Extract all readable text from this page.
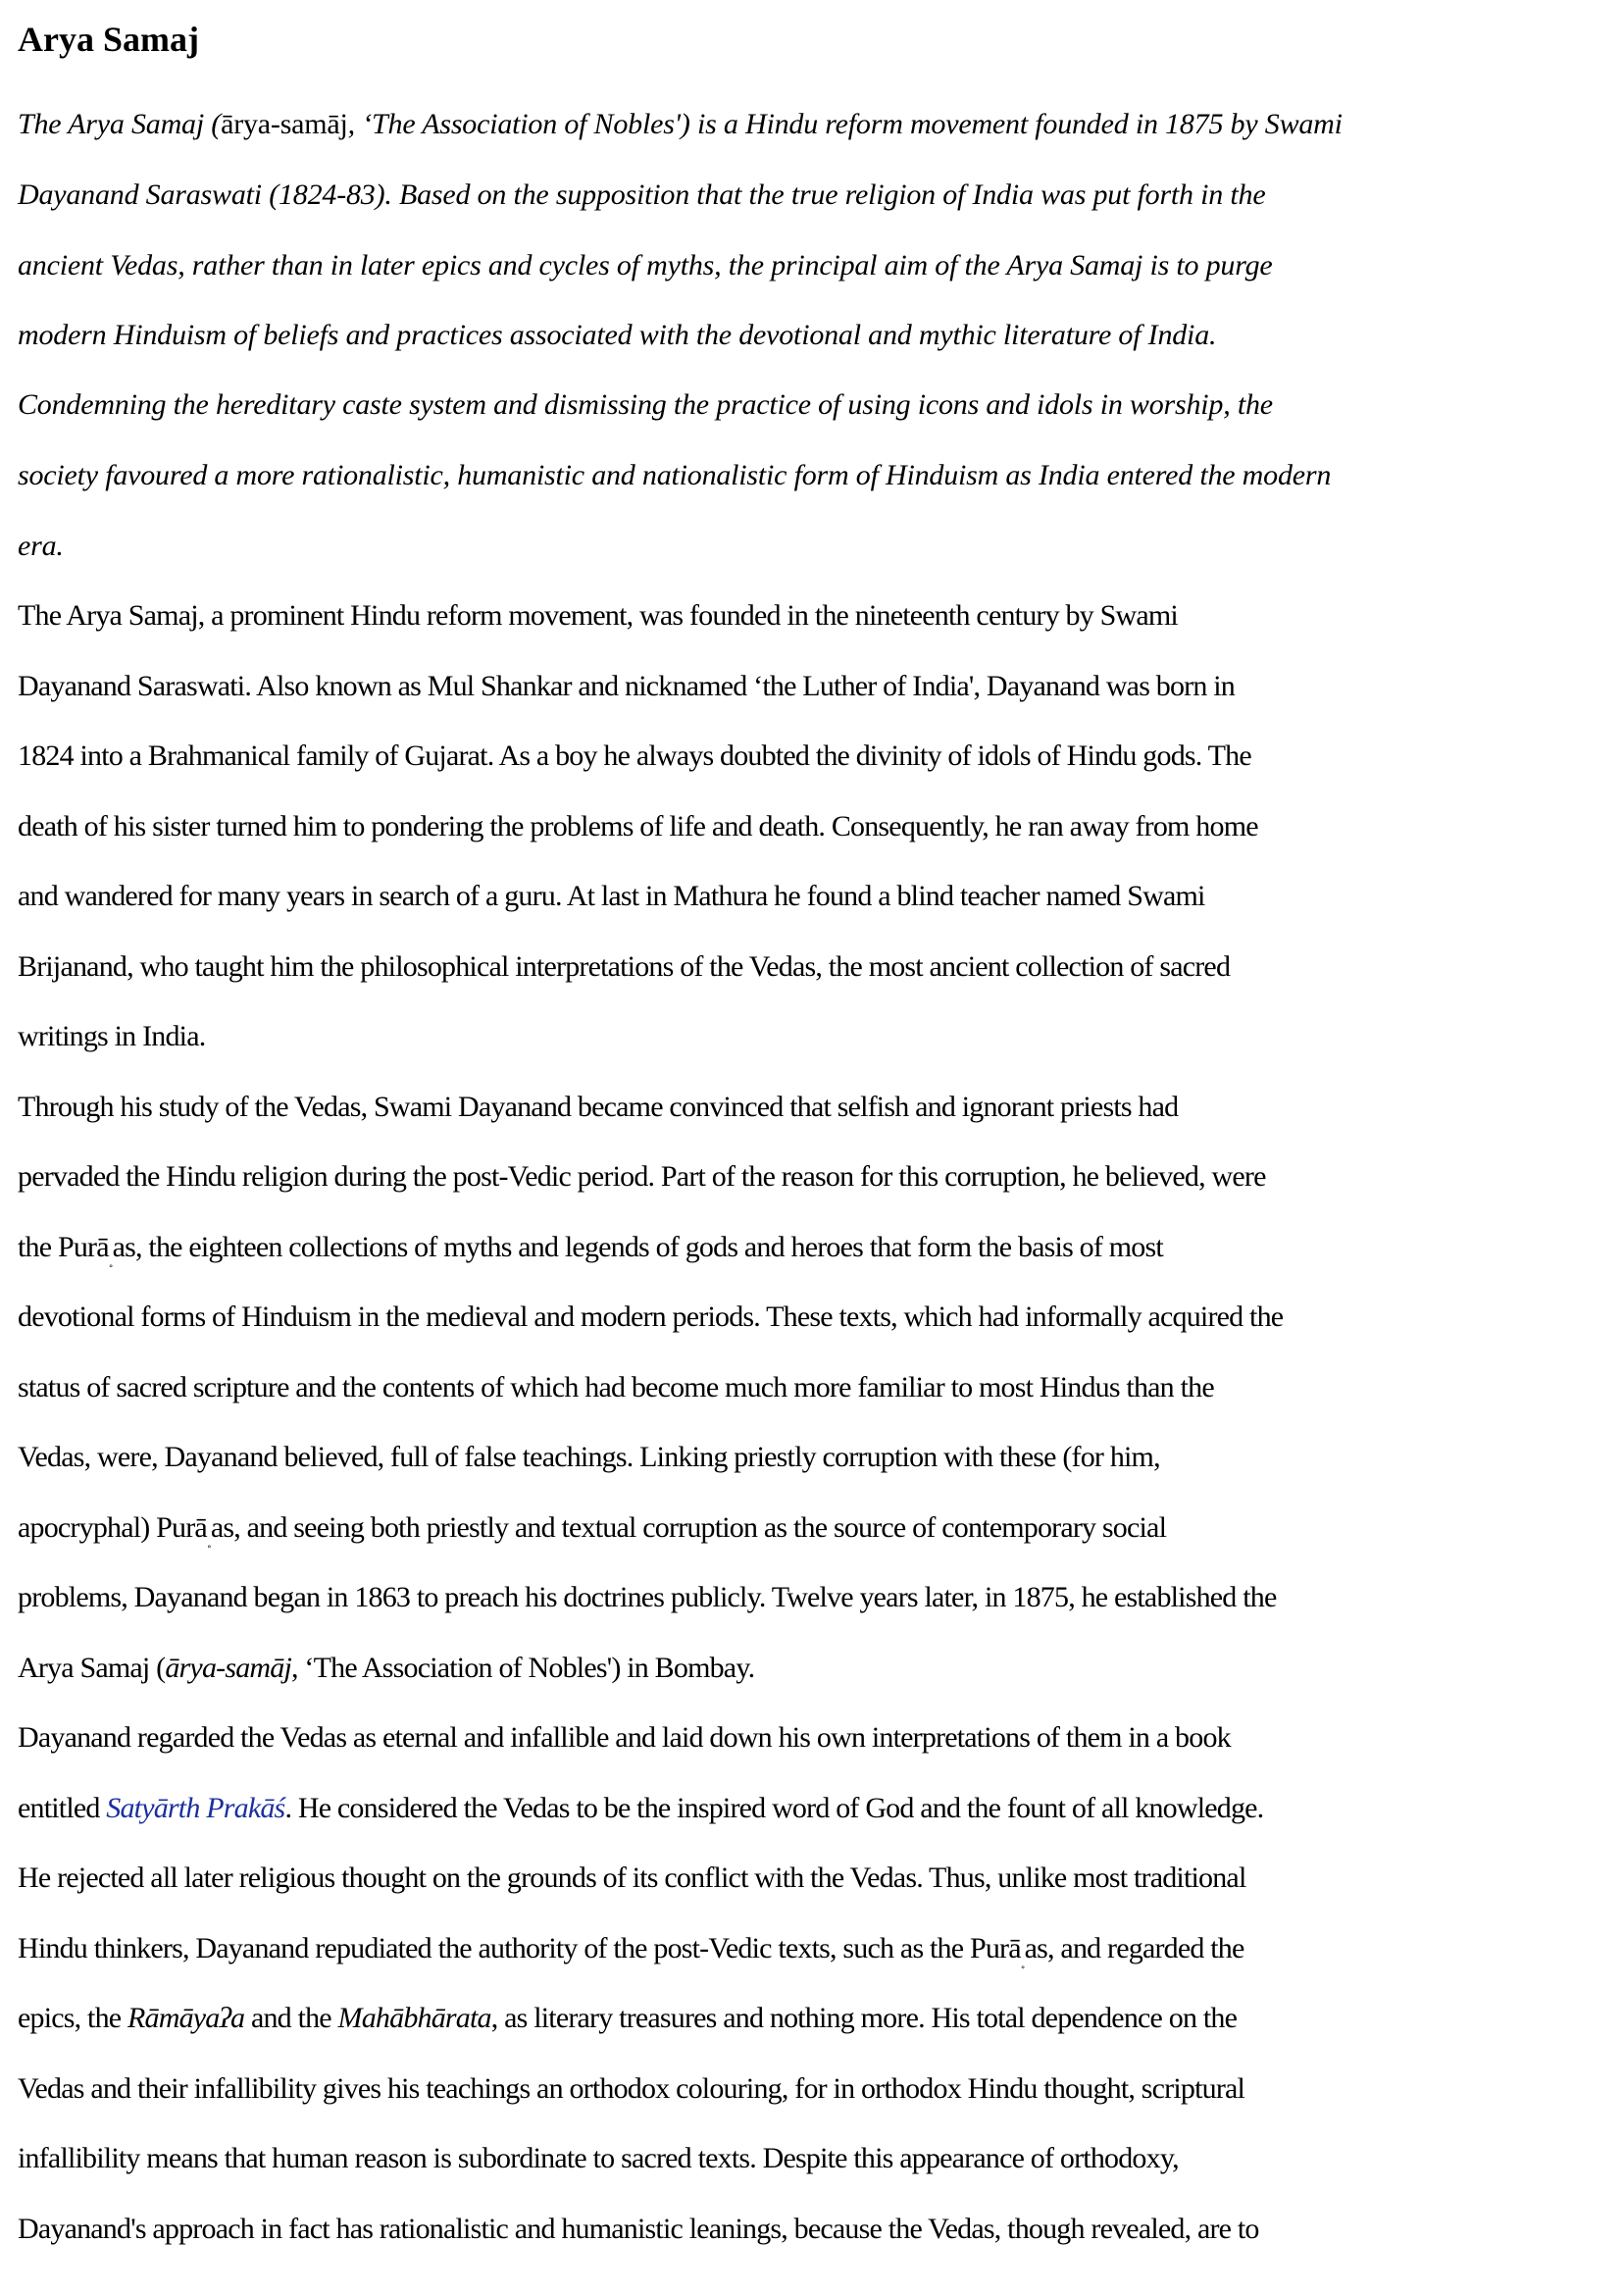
Arya Samaj
The Arya Samaj (ārya-samāj, ‘The Association of Nobles') is a Hindu reform movement founded in 1875 by Swami
Dayanand Saraswati (1824-83). Based on the supposition that the true religion of India was put forth in the
ancient Vedas, rather than in later epics and cycles of myths, the principal aim of the Arya Samaj is to purge
modern Hinduism of beliefs and practices associated with the devotional and mythic literature of India.
Condemning the hereditary caste system and dismissing the practice of using icons and idols in worship, the
society favoured a more rationalistic, humanistic and nationalistic form of Hinduism as India entered the modern
era.
The Arya Samaj, a prominent Hindu reform movement, was founded in the nineteenth century by Swami
Dayanand Saraswati. Also known as Mul Shankar and nicknamed ‘the Luther of India', Dayanand was born in
1824 into a Brahmanical family of Gujarat. As a boy he always doubted the divinity of idols of Hindu gods. The
death of his sister turned him to pondering the problems of life and death. Consequently, he ran away from home
and wandered for many years in search of a guru. At last in Mathura he found a blind teacher named Swami
Brijanand, who taught him the philosophical interpretations of the Vedas, the most ancient collection of sacred
writings in India.
Through his study of the Vedas, Swami Dayanand became convinced that selfish and ignorant priests had
pervaded the Hindu religion during the post-Vedic period. Part of the reason for this corruption, he believed, were
the Purā$_˳$as, the eighteen collections of myths and legends of gods and heroes that form the basis of most
devotional forms of Hinduism in the medieval and modern periods. These texts, which had informally acquired the
status of sacred scripture and the contents of which had become much more familiar to most Hindus than the
Vedas, were, Dayanand believed, full of false teachings. Linking priestly corruption with these (for him,
apocryphal) Purā$_˳$as, and seeing both priestly and textual corruption as the source of contemporary social
problems, Dayanand began in 1863 to preach his doctrines publicly. Twelve years later, in 1875, he established the
Arya Samaj (ārya-samāj, ‘The Association of Nobles') in Bombay.
Dayanand regarded the Vedas as eternal and infallible and laid down his own interpretations of them in a book
entitled Satyārth Prakāś. He considered the Vedas to be the inspired word of God and the fount of all knowledge.
He rejected all later religious thought on the grounds of its conflict with the Vedas. Thus, unlike most traditional
Hindu thinkers, Dayanand repudiated the authority of the post-Vedic texts, such as the Purā$_˳$as, and regarded the
epics, the Rāmāyaʔa and the Mahābhārata, as literary treasures and nothing more. His total dependence on the
Vedas and their infallibility gives his teachings an orthodox colouring, for in orthodox Hindu thought, scriptural
infallibility means that human reason is subordinate to sacred texts. Despite this appearance of orthodoxy,
Dayanand's approach in fact has rationalistic and humanistic leanings, because the Vedas, though revealed, are to
